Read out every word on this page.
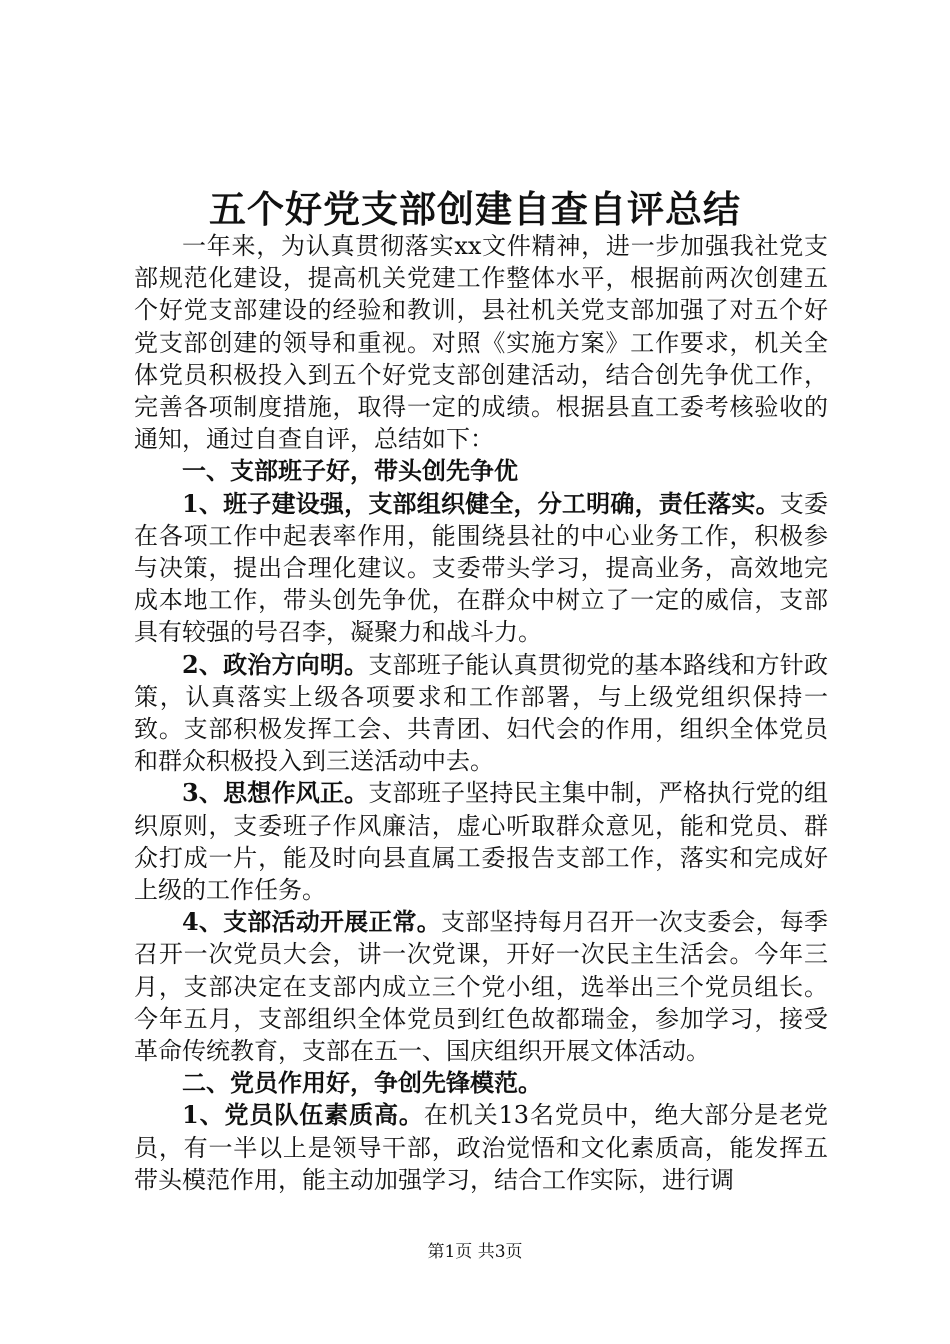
五个好党支部创建自查自评总结

一年来，为认真贯彻落实xx文件精神，进一步加强我社党支部规范化建设，提高机关党建工作整体水平，根据前两次创建五个好党支部建设的经验和教训，县社机关党支部加强了对五个好党支部创建的领导和重视。对照《实施方案》工作要求，机关全体党员积极投入到五个好党支部创建活动，结合创先争优工作，完善各项制度措施，取得一定的成绩。根据县直工委考核验收的通知，通过自查自评，总结如下：

一、支部班子好，带头创先争优

1、班子建设强，支部组织健全，分工明确，责任落实。支委在各项工作中起表率作用，能围绕县社的中心业务工作，积极参与决策，提出合理化建议。支委带头学习，提高业务，高效地完成本地工作，带头创先争优，在群众中树立了一定的威信，支部具有较强的号召李，凝聚力和战斗力。

2、政治方向明。支部班子能认真贯彻党的基本路线和方针政策，认真落实上级各项要求和工作部署，与上级党组织保持一致。支部积极发挥工会、共青团、妇代会的作用，组织全体党员和群众积极投入到三送活动中去。

3、思想作风正。支部班子坚持民主集中制，严格执行党的组织原则，支委班子作风廉洁，虚心听取群众意见，能和党员、群众打成一片，能及时向县直属工委报告支部工作，落实和完成好上级的工作任务。

4、支部活动开展正常。支部坚持每月召开一次支委会，每季召开一次党员大会，讲一次党课，开好一次民主生活会。今年三月，支部决定在支部内成立三个党小组，选举出三个党员组长。今年五月，支部组织全体党员到红色故都瑞金，参加学习，接受革命传统教育，支部在五一、国庆组织开展文体活动。

二、党员作用好，争创先锋模范。

1、党员队伍素质高。在机关13名党员中，绝大部分是老党员，有一半以上是领导干部，政治觉悟和文化素质高，能发挥五带头模范作用，能主动加强学习，结合工作实际，进行调

第1页 共3页
